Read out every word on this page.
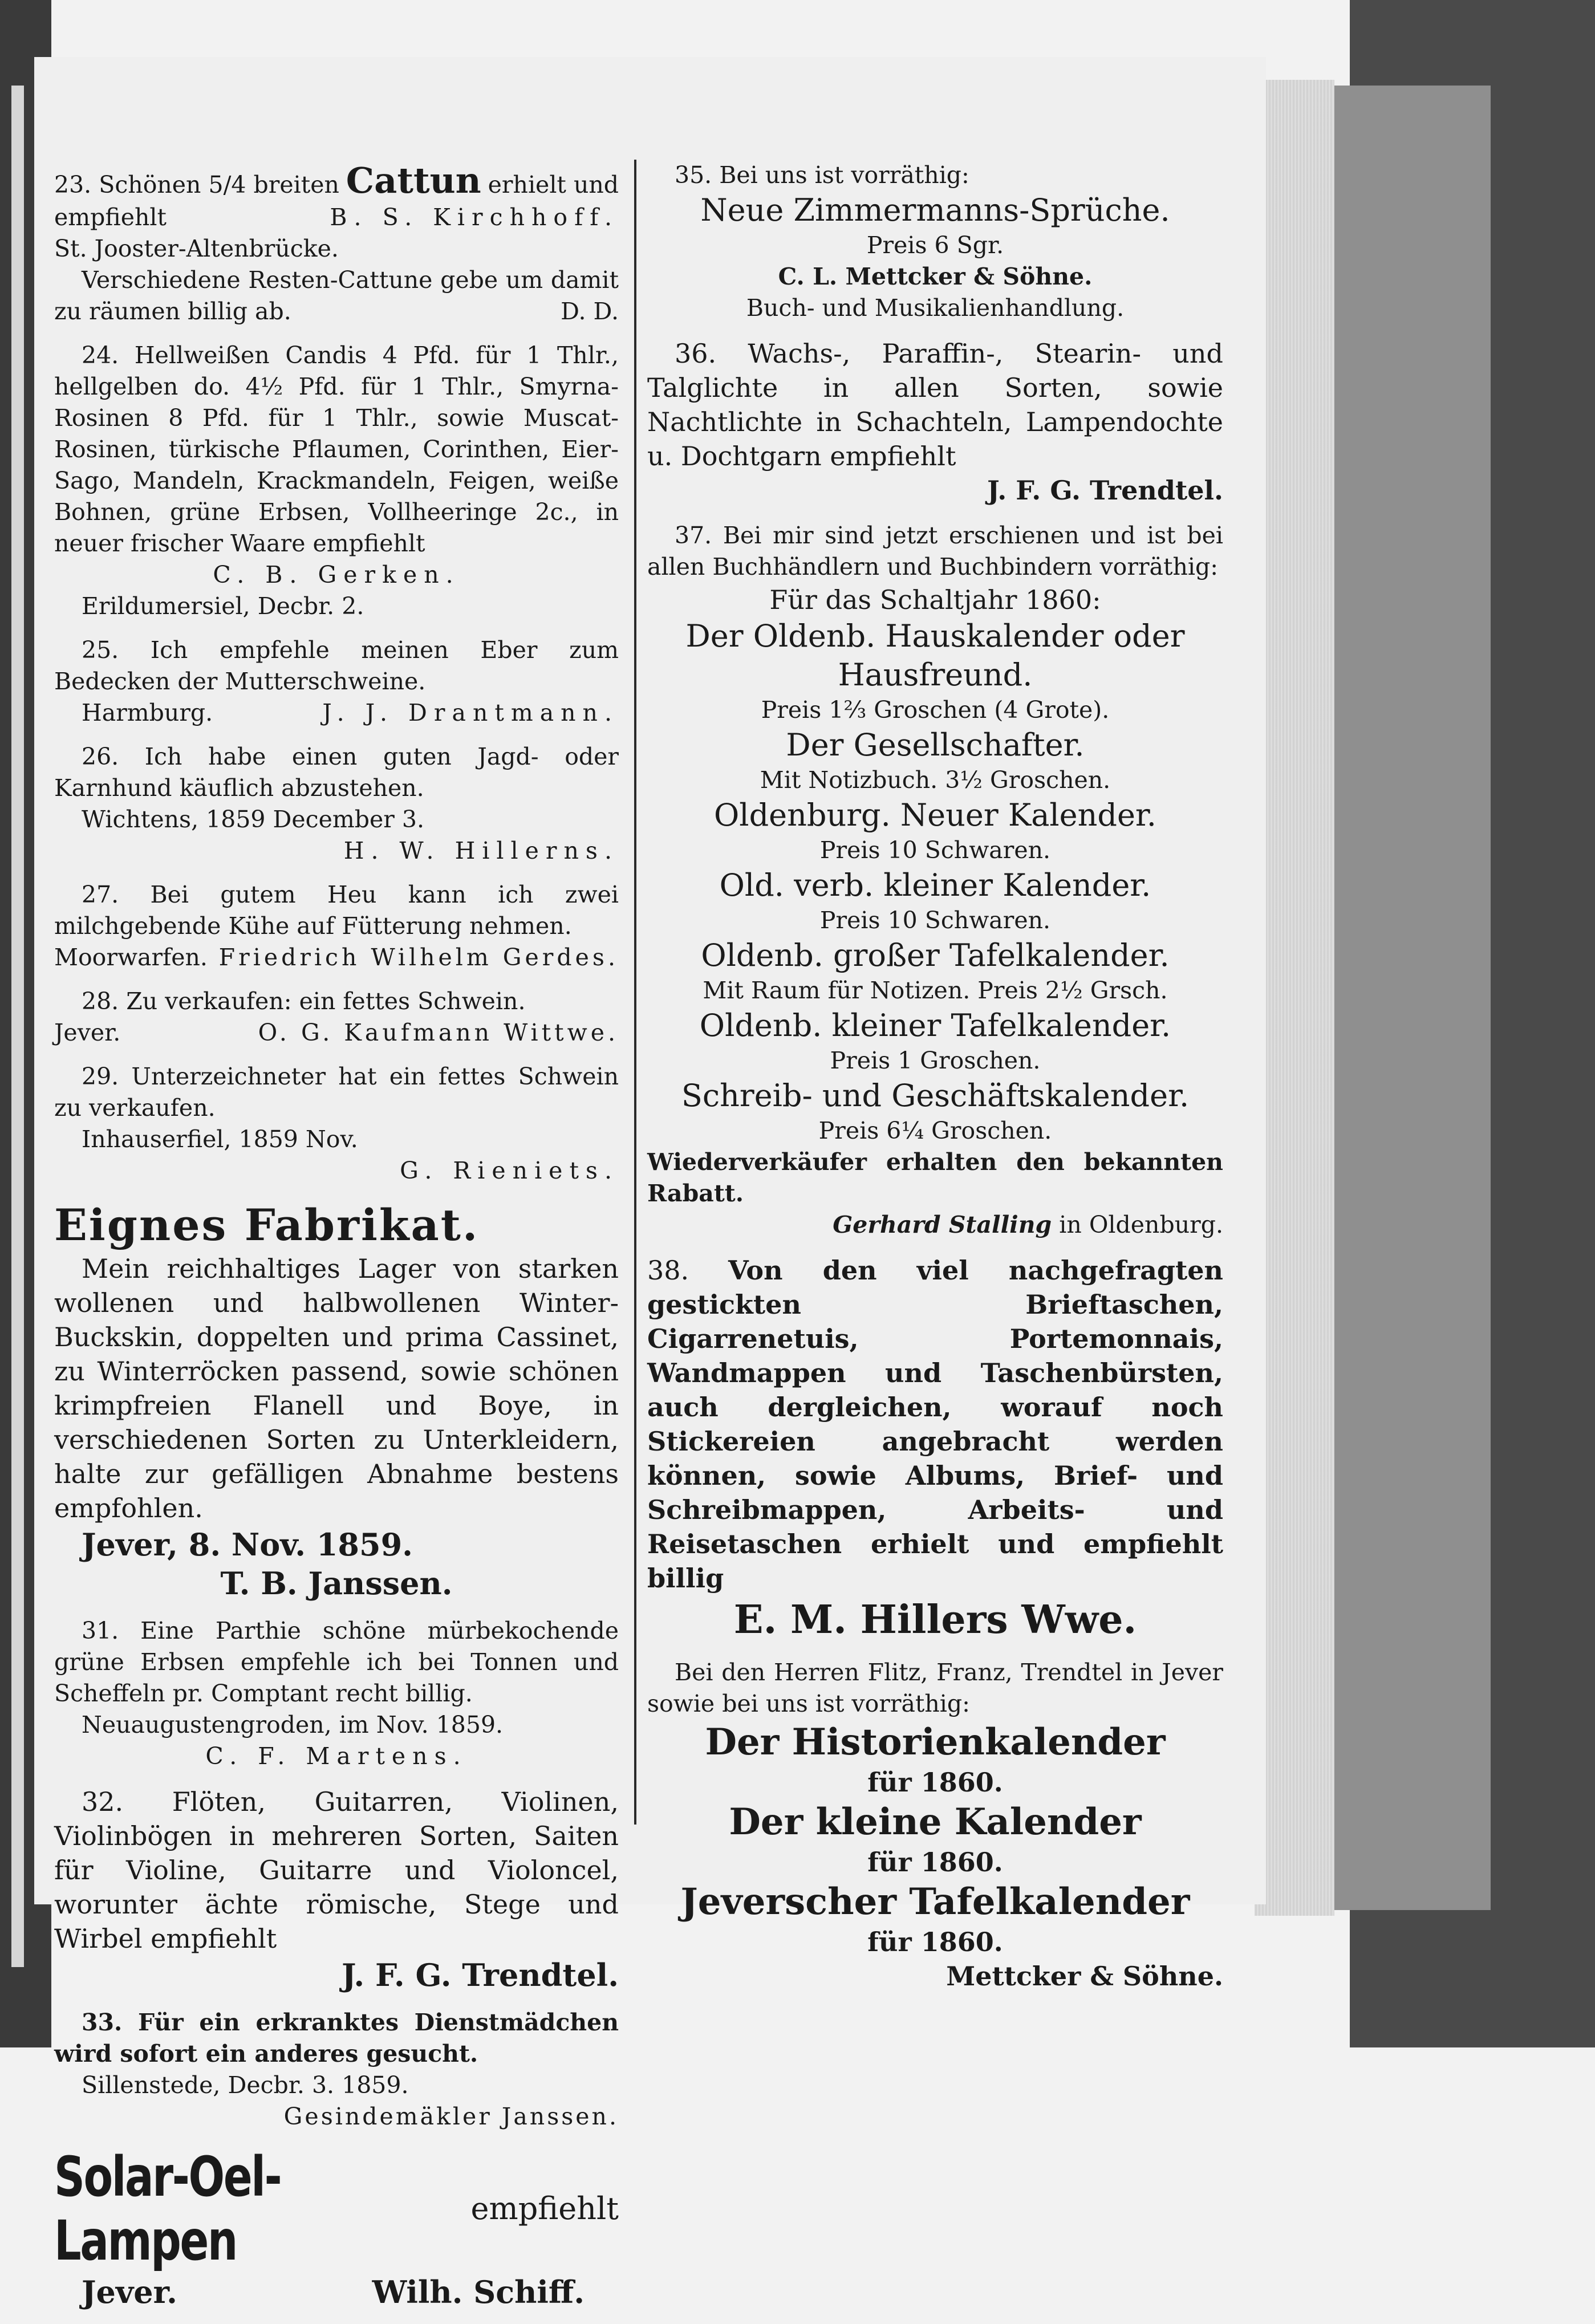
23. Schönen 5/4 breiten Cattun erhielt und

empfiehlt	B. S. Kirchhoff.

St. Jooster-Altenbrücke.

Verschiedene Resten-Cattune gebe um damit zu räumen billig ab.	D. D.

24. Hellweißen Candis 4 Pfd. für 1 Thlr., hellgelben do. 4½ Pfd. für 1 Thlr., Smyrna-Rosinen 8 Pfd. für 1 Thlr., sowie Muscat-Rosinen, türkische Pflaumen, Corinthen, Eier-Sago, Mandeln, Krackmandeln, Feigen, weiße Bohnen, grüne Erbsen, Vollheeringe 2c., in neuer frischer Waare empfiehlt

C. B. Gerken.

Erildumersiel, Decbr. 2.

25. Ich empfehle meinen Eber zum Bedecken der Mutterschweine.

Harmburg.	J. J. Drantmann.

26. Ich habe einen guten Jagd- oder Karnhund käuflich abzustehen.

Wichtens, 1859 December 3.

H. W. Hillerns.

27. Bei gutem Heu kann ich zwei milchgebende Kühe auf Fütterung nehmen.

Moorwarfen. Friedrich Wilhelm Gerdes.

28. Zu verkaufen: ein fettes Schwein.

Jever.	O. G. Kaufmann Wittwe.

29. Unterzeichneter hat ein fettes Schwein zu verkaufen.

Inhauserfiel, 1859 Nov.

G. Rieniets.

Eignes Fabrikat.

Mein reichhaltiges Lager von starken wollenen und halbwollenen Winter-Buckskin, doppelten und prima Cassinet, zu Winterröcken passend, sowie schönen krimpfreien Flanell und Boye, in verschiedenen Sorten zu Unterkleidern, halte zur gefälligen Abnahme bestens empfohlen.

Jever, 8. Nov. 1859.

T. B. Janssen.

31. Eine Parthie schöne mürbekochende grüne Erbsen empfehle ich bei Tonnen und Scheffeln pr. Comptant recht billig.

Neuaugustengroden, im Nov. 1859.

C. F. Martens.

32. Flöten, Guitarren, Violinen, Violinbögen in mehreren Sorten, Saiten für Violine, Guitarre und Violoncel, worunter ächte römische, Stege und Wirbel empfiehlt

J. F. G. Trendtel.

33. Für ein erkranktes Dienstmädchen wird sofort ein anderes gesucht.

Sillenstede, Decbr. 3. 1859.

Gesindemäkler Janssen.

Solar-Oel-Lampen
empfiehlt

Jever.	Wilh. Schiff.

35. Bei uns ist vorräthig:

Neue Zimmermanns-Sprüche.

Preis 6 Sgr.

C. L. Mettcker & Söhne.

Buch- und Musikalienhandlung.

36. Wachs-, Paraffin-, Stearin- und Talglichte in allen Sorten, sowie Nachtlichte in Schachteln, Lampendochte u. Dochtgarn empfiehlt

J. F. G. Trendtel.

37. Bei mir sind jetzt erschienen und ist bei allen Buchhändlern und Buchbindern vorräthig:

Für das Schaltjahr 1860:

Der Oldenb. Hauskalender oder Hausfreund.

Preis 1⅔ Groschen (4 Grote).

Der Gesellschafter.

Mit Notizbuch. 3½ Groschen.

Oldenburg. Neuer Kalender.

Preis 10 Schwaren.

Old. verb. kleiner Kalender.

Preis 10 Schwaren.

Oldenb. großer Tafelkalender.

Mit Raum für Notizen. Preis 2½ Grsch.

Oldenb. kleiner Tafelkalender.

Preis 1 Groschen.

Schreib- und Geschäftskalender.

Preis 6¼ Groschen.

Wiederverkäufer erhalten den bekannten Rabatt.

Gerhard Stalling in Oldenburg.

38. Von den viel nachgefragten gestickten Brieftaschen, Cigarrenetuis, Portemonnais, Wandmappen und Taschenbürsten, auch dergleichen, worauf noch Stickereien angebracht werden können, sowie Albums, Brief- und Schreibmappen, Arbeits- und Reisetaschen erhielt und empfiehlt billig

E. M. Hillers Wwe.

Bei den Herren Flitz, Franz, Trendtel in Jever sowie bei uns ist vorräthig:

Der Historienkalender

für 1860.

Der kleine Kalender

für 1860.

Jeverscher Tafelkalender

für 1860.

Mettcker & Söhne.
